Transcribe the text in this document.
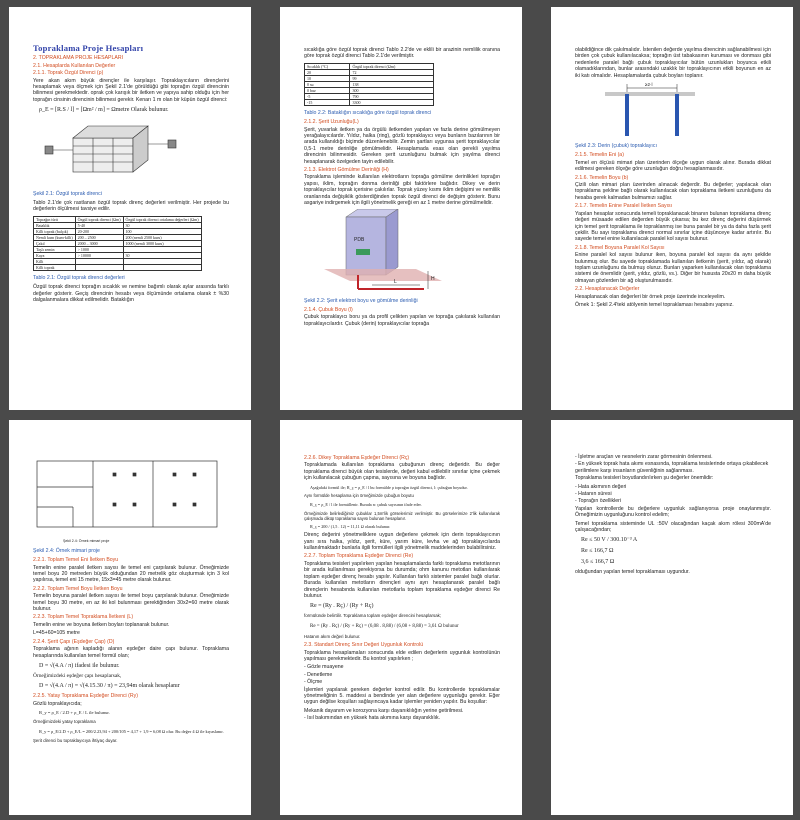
Topraklama Proje Hesapları
2. TOPRAKLAMA PROJE HESAPLARI
2.1. Hesaplarda Kullanılan Değerler
2.1.1. Toprak Özgül Direnci (ρ)
Yere akan akım büyük dirençler ile karşılaşır. Topraklayıcıların dirençlerini hesaplamak veya ölçmek için Şekil 2.1'de görüldüğü gibi toprağın özgül direncinin bilinmesi gerekmektedir. oprak çok karışık bir iletken ve yapıya sahip olduğu için her toprağın cinsinin direncinin bilinmesi gerekir. Kenarı 1 m olan bir küpün özgül direnci:
ρ_E = [R.S / l] = [Ωm² / m] = Ωmetre Olarak bulunur.
Şekil 2.1: Özgül toprak direnci
Tablo 2.1'de çok rastlanan özgül toprak direnç değerleri verilmiştir. Her projede bu değerlerin ölçülmesi tavsiye edilir.
Toprağın türü	Özgül toprak direnci (Ωm)	Özgül toprak direnci ortalama değerleri (Ωm)
Bataklık	5-40	30
Killi toprak (balçık)	20-200	100
Nemli kum (kum-killi)	200 – 2500	200 (nemli 2500 kuru)
Çakıl	2000 – 3000	1000 (nemli 3000 kuru)
Taşlı zemin	> 1000	
Kaya	> 10000	30
Killi		
Killi toprak		
Tablo 2.1: Özgül toprak direnci değerleri
Özgül toprak direnci toprağın sıcaklık ve nemine bağımlı olarak aylar arasında farklı değerler gösterir. Geçiş direncinin hesabı veya ölçümünde ortalama olarak ± %30 dalgalanmalara dikkat edilmelidir. Bataklığın
sıcaklığa göre özgül toprak direnci Tablo 2.2'de ve eklili bir arazinin nemlilik oranına göre toprak özgül direnci Tablo 2.1'de verilmiştir.
Sıcaklık (°C)	Özgül toprak direnci (Ωm)
20	72
10	99
0 su	138
0 buz	300
-5	790
-15	3300
Tablo 2.2: Bataklığın sıcaklığa göre özgül toprak direnci
2.1.2. Şerit Uzunluğu(L)
Şerit, yuvarlak iletken ya da örgülü iletkenden yapılan ve fazla derine gömülmeyen yerağalayıcılardır. Yıldız, halka (ring), gözlü topraklayıcı veya bunların bazılarının bir arada kullanıldığı biçimde düzenlenebilir. Zemin şartları uygunsa şerit topraklayıcılar 0,5-1 metre derinliğe gömülmelidir. Hesaplamada esas olan gerekli yayılma direncinin bilinmesidir. Gereken şerit uzunluğunu bulmak için yayılma direnci hesaplanarak özelgeden tayin edilebilir.
2.1.3. Elektrot Gömülme Derinliği (H)
Topraklama işleminde kullanılan elektrotların toprağa gömülme derinlikleri toprağın yapısı, iklim, toprağın donma derinliği gibi faktörlere bağlıdır. Dikey ve derin topraklayıcılar toprak içerisine çakılırlar. Toprak yüzey kısmı iklim değişimi ve nemlilik oranlarında değişiklik gösterdiğinden toprak özgül direnci de değişim gösterir. Bunu asgariye indirgemek için ilgili yönetmelik gereği en az 1 metre derine gömülmelidir.
PDB
L	H
Şekil 2.2: Şerit elektrot boyu ve gömülme derinliği
2.1.4. Çubuk Boyu (l)
Çubuk topraklayıcı boru ya da profil çelikten yapılan ve toprağa çakılarak kullanılan topraklayıcılardır. Çubuk (derin) topraklayıcılar toprağa
olabildiğince dik çakılmalıdır. İstenilen değerde yayılma direncinin sağlanabilmesi için birden çok çubuk kullanılacaksa; toprağın üst tabakasının kuruması ve donması gibi nedenlerle paralel bağlı çubuk topraklayıcılar bütün uzunlukları boyunca etkili olamadıklarından, bunlar arasındaki uzaklık bir topraklayıcının etkili boyunun en az iki katı olmalıdır. Hesaplamalarda çubuk boyları toplanır.
≥2·l
Şekil 2.3: Derin (çubuk) topraklayıcı
2.1.5. Temelin Eni (a)
Temel en ölçüsü mimari plan üzerinden ölçeğe uygun olarak alınır. Burada dikkat edilmesi gereken ölçeğe göre uzunluğun doğru hesaplanmasıdır.
2.1.6. Temelin Boyu (b)
Çizili olan mimari plan üzerinden alınacak değerdir. Bu değerler; yapılacak olan topraklama şekline bağlı olarak kullanılacak olan topraklama iletkeni uzunluğunu da hesaba gerek kalmadan bulmamızı sağlar.
2.1.7. Temelin Enine Paralel İletken Sayısı
Yapılan hesaplar sonucunda temeli topraklanacak binanın bulunan topraklama direnç değeri müsaade edilen değerden büyük çıkarsa; bu kez direnç değerini düşürmek için temel şerit topraklama ile topraklanmış ise buna paralel bir ya da daha fazla şerit çekilir. Bu sayı topraklama direnci normal sınırlar içine düşünceye kadar artırılır. Bu sayede temel enine kullanılacak paralel kol sayısı bulunur.
2.1.8. Temel Boyuna Paralel Kol Sayısı
Enine paralel kol sayısı bulunur iken, boyuna paralel kol sayısı da aynı şekilde bulunmuş olur. Bu sayede topraklamada kullanılan iletkenin (şerit, yıldız, ağ olarak) toplam uzunluğunu da bulmuş oluruz. Bunları yaparken kullanılacak olan topraklama sistemi de önemlidir (şerit, yıldız, gözlü, vs.). Diğer bir hususta 20x20 m daha büyük olmayan gözlerden bir ağ oluşturulmasıdır.
2.2. Hesaplanacak Değerler
Hesaplanacak olan değerleri bir örnek proje üzerinde inceleyelim.
Örnek 1: Şekil 2.4'teki atölyenin temel topraklaması hesabını yapınız.
Şekil 2.4: Örnek mimari proje
Şekil 2.4: Örnek mimari proje
2.2.1. Toplam Temel Eni İletken Boyu
Temelin enine paralel iletken sayısı ile temel eni çarpılarak bulunur. Örneğimizde temel boyu 20 metreden büyük olduğundan 20 metrelik göz oluşturmak için 3 kol yapılırsa, temel eni 15 metre, 15x3=45 metre olarak bulunur.
2.2.2. Toplam Temel Boyu İletken Boyu
Temelin boyuna paralel iletken sayısı ile temel boyu çarpılarak bulunur. Örneğimizde temel boyu 30 metre, en az iki kol bulunması gerektiğinden 30x2=60 metre olarak bulunur.
2.2.3. Toplam Temel Topraklama İletkeni (L)
Temelin enine ve boyuna iletken boyları toplanarak bulunur.
L=45+60=105 metre
2.2.4. Şerit Çapı (Eşdeğer Çap) (D)
Topraklama ağının kapladığı alanın eşdeğer daire çapı bulunur. Topraklama hesaplarında kullanılan temel formül olan;
D = √(4.A / π) ifadesi ile bulunur.
Örneğimizdeki eşdeğer çapı hesaplarsak,
D = √(4.A / π) = √(4.15.30 / π) = 23,94m olarak hesaplanır
2.2.5. Yatay Topraklama Eşdeğer Direnci (Ry)
Gözlü topraklayıcıda;
R_y = ρ_E / 2.D + ρ_E / L ile bulunur.
Örneğimizdeki yatay topraklama
R_y = ρ_E/2.D + ρ_E/L = 200/2.23,94 + 200/105 = 4,17 + 1,9 = 6,08 Ω olur. Bu değer 4 Ω ile kıyaslanır.
Şerit direnci bu topraklayıcıya ihtiyaç duyar.
2.2.6. Dikey Topraklama Eşdeğer Direnci (Rç)
Topraklamada kullanılan topraklama çubuğunun direnç değeridir. Bu değer topraklama direnci büyük olan tesislerde, değeri kabul edilebilir sınırlar içine çekmek için kullanılacak çubuğun çapına, sayısına ve boyuna bağlıdır.
Aşağıdaki formül ile; R_ç = ρ_E / l bu formülde ρ toprağın özgül direnci, l: çubuğun boyudur.
Aynı formülde hesaplama için örneğimizde çubuğun boyutu
R_ç = ρ_E / l ile formüllenir. Burada n: çubuk sayısının ifade eder.
Örneğimizde belirlediğimiz çubuklar 1,5m'lik görselerimiz verilmiştir. Bu görselerimize 2'lik kullanılarak çalışmada diküp topraklama sayısı bulunan hesaplanır.
R_ç = 200 / (1,5 . 12) = 11,11 Ω olarak bulunur.
Direnç değerini yönetmeliklere uygun değerlere çekmek için derin topraklayıcının yanı sıra halka, yıldız, şerit, küre, yarım küre, levha ve ağ topraklayıcılarda kullanılmaktadır bunlarla ilgili formülleri ilgili yönetmelik maddelerinden bulabilirsiniz.
2.2.7. Toplam Topraklama Eşdeğer Direnci (Re)
Topraklama tesisleri yapılırken yapılan hesaplamalarda farklı topraklama metotlarının bir arada kullanılması gerekiyorsa bu durumda; ohm kanunu metotları kullanılarak toplam eşdeğer direnç hesabı yapılır. Kullanılan farklı sistemler paralel bağlı olurlar. Burada kullanılan metotların dirençleri aynı ayrı hesaplanarak paralel bağlı dirençlerin hesabında kullanılan metotlarla toplam topraklama eşdeğer direnci Re bulunur.
Re = (Ry . Rç) / (Ry + Rç)
formülünde belirtilir. Topraklama toplam eşdeğer direncini hesaplarsak;
Re = (Ry . Rç) / (Ry + Rç) = (6,08 . 8,88) / (6,08 + 8,88) = 3,61 Ω bulunur
Hatanın akım değeri bulunur.
2.3. Standart Direnç Sınır Değeri Uygunluk Kontrolü
Topraklama hesaplamaları sonucunda elde edilen değerlerin uygunluk kontrolünün yapılması gerekmektedir. Bu kontrol yapılırken ;
- Gözle muayene
- Denetleme
- Ölçme
İşlemleri yapılarak gereken değerler kontrol edilir. Bu kontrollerde topraklamalar yönetmeliğinin 5. maddesi a bendinde yer alan değerlere uygunluğu gerekir. Eğer uygun değilse koşulları sağlayıncaya kadar işlemler yeniden yapılır. Bu koşullar:
Mekanik dayanım ve korozyona karşı dayanıklılığın yerine getirilmesi.
- Isıl bakımından en yüksek hata akımına karşı dayanıklılık.
- İşletme araçları ve nesnelerin zarar görmesinin önlenmesi.
- En yüksek toprak hata akımı esnasında, topraklama tesislerinde ortaya çıkabilecek gerilimlere karşı insanların güvenliğinin sağlanması.
Topraklama tesisleri boyutlandırılırken şu değerler önemlidir:
- Hata akımının değeri
- Hatanın süresi
- Toprağın özellikleri
Yapılan kontrollerde bu değerlere uygunluk sağlanıyorsa proje onaylanmıştır. Örneğimizin uygunluğunu kontrol edelim;
Temel topraklama sisteminde UL :50V olacağından kaçak akım rölesi 300mA'de çalışacağından;
Re ≤ 50 V / 300.10⁻³ A
Re ≤ 166,7 Ω
3,6 ≤ 166,7 Ω
olduğundan yapılan temel topraklaması uygundur.
